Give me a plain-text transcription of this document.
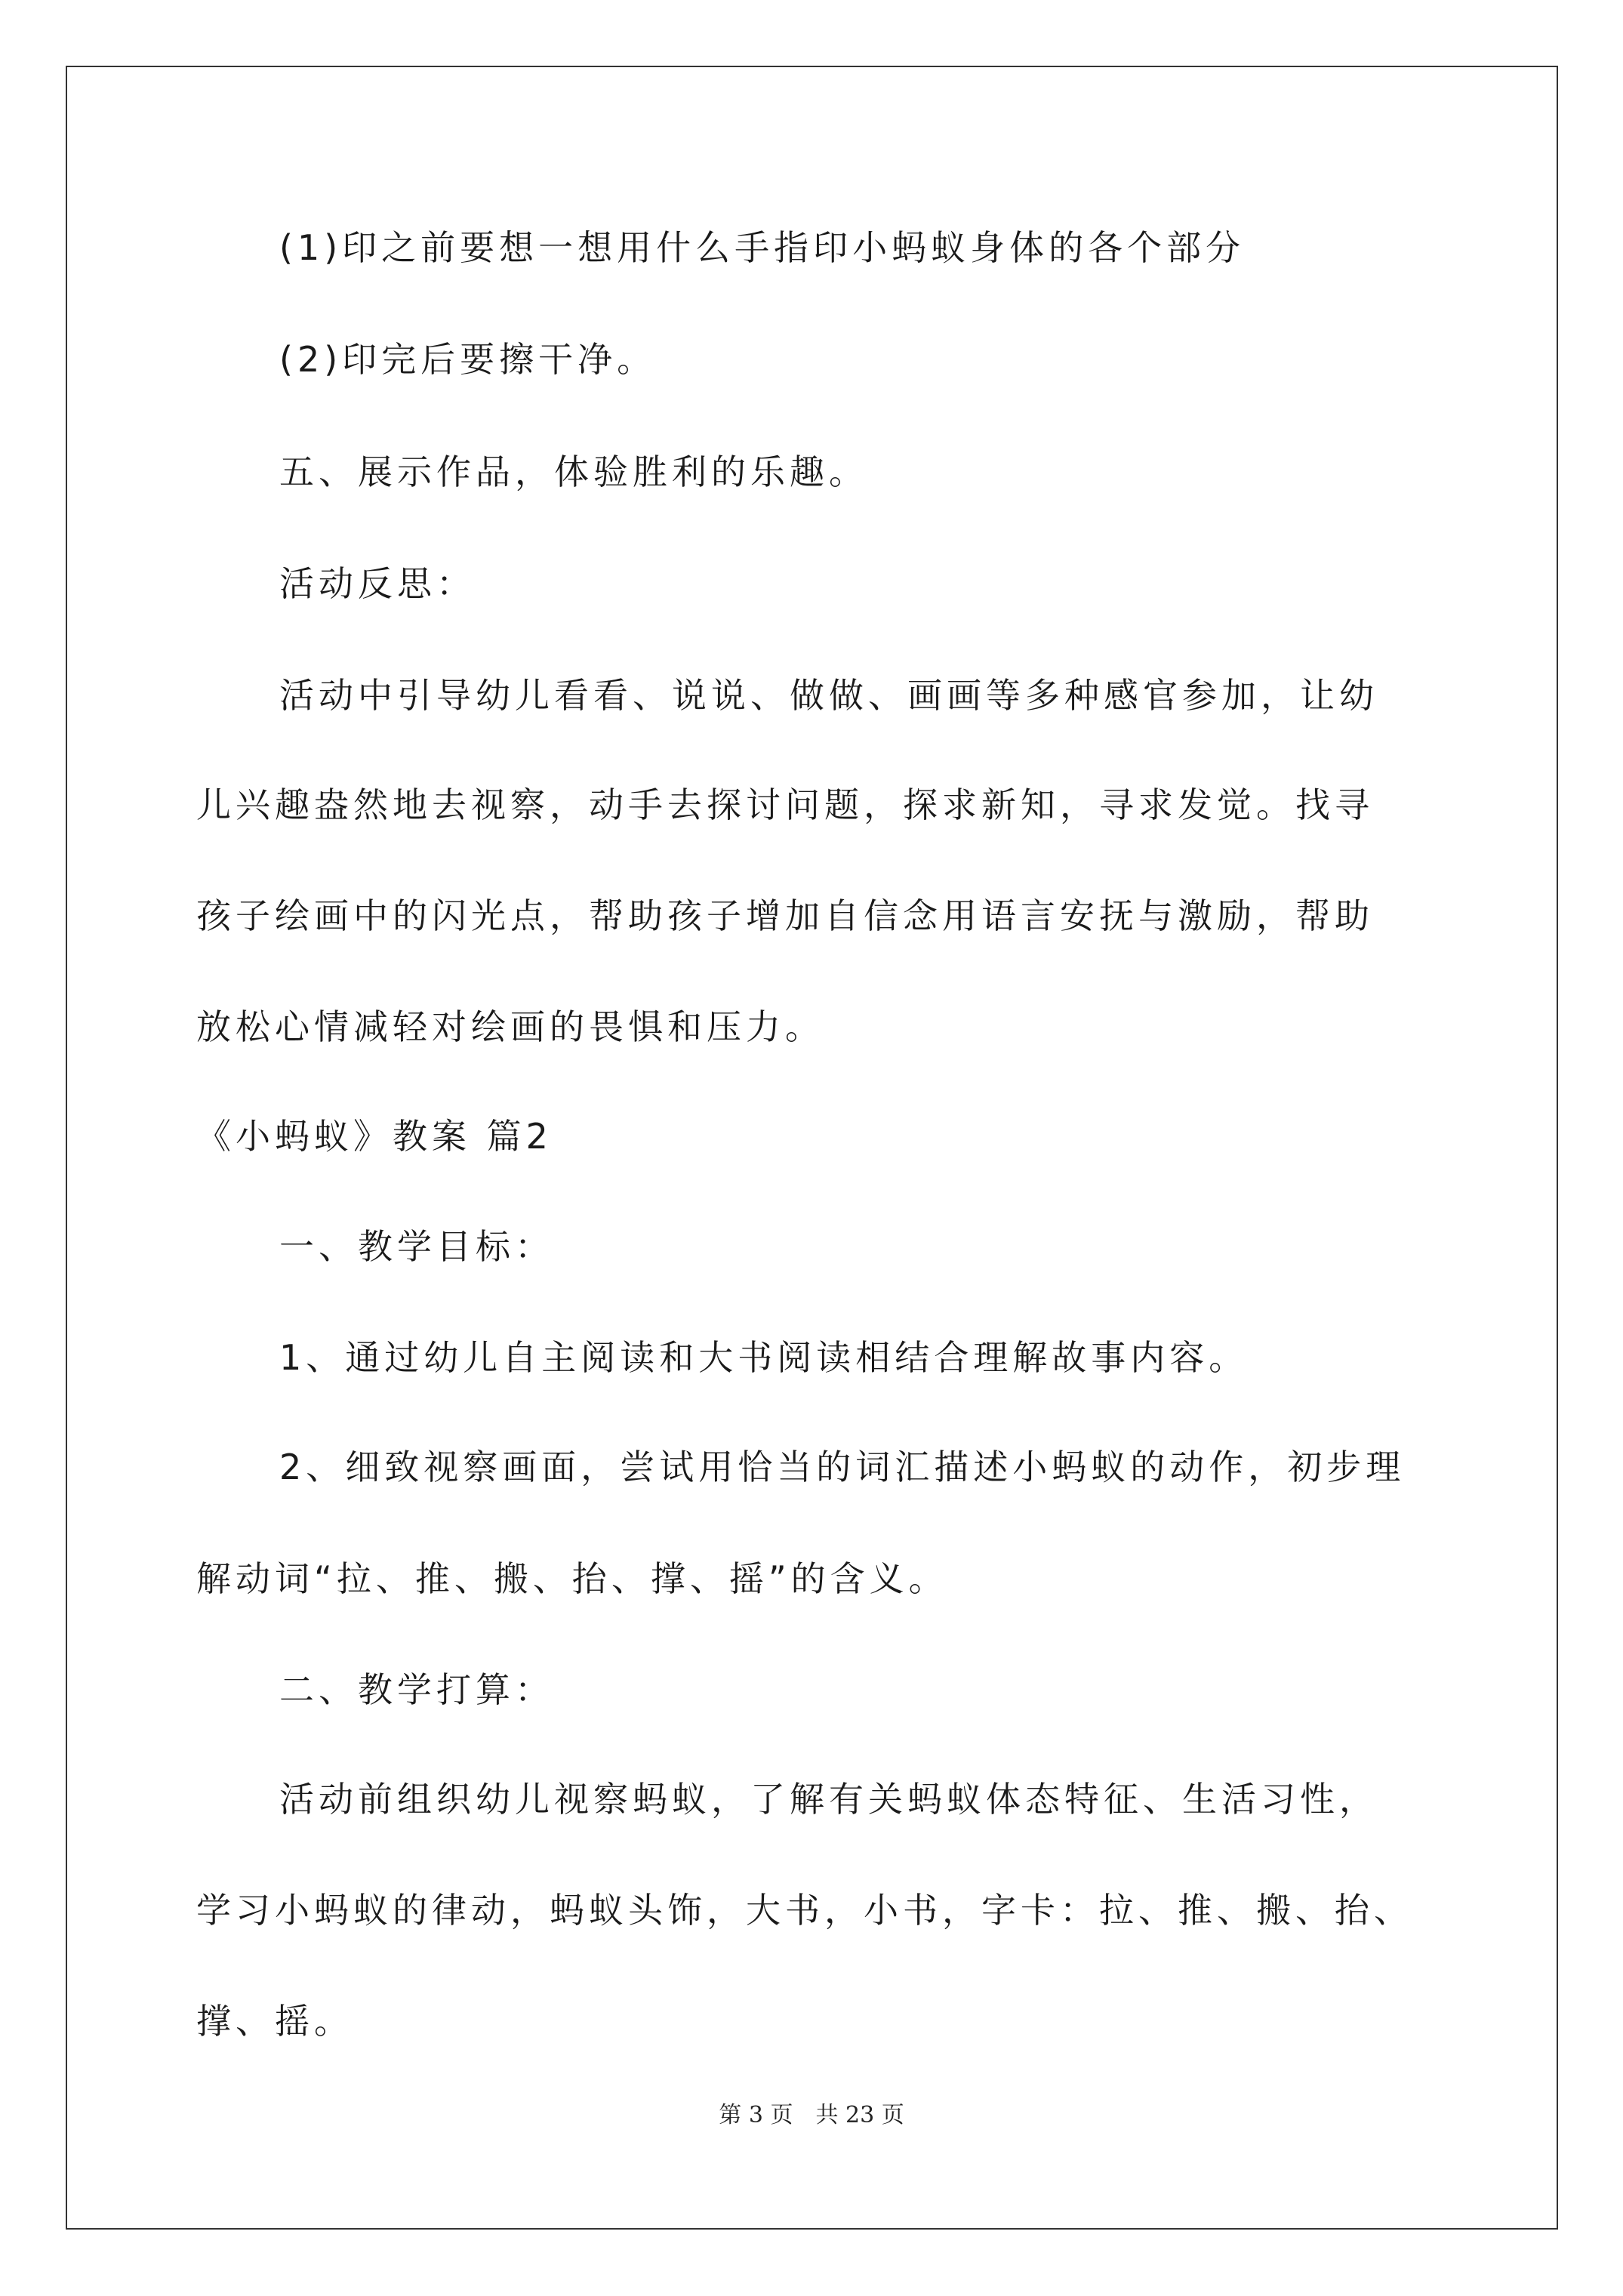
(1)印之前要想一想用什么手指印小蚂蚁身体的各个部分
(2)印完后要擦干净。
五、展示作品，体验胜利的乐趣。
活动反思：
活动中引导幼儿看看、说说、做做、画画等多种感官参加，让幼
儿兴趣盎然地去视察，动手去探讨问题，探求新知，寻求发觉。找寻
孩子绘画中的闪光点，帮助孩子增加自信念用语言安抚与激励，帮助
放松心情减轻对绘画的畏惧和压力。
《小蚂蚁》教案 篇2
一、教学目标：
1、通过幼儿自主阅读和大书阅读相结合理解故事内容。
2、细致视察画面，尝试用恰当的词汇描述小蚂蚁的动作，初步理
解动词“拉、推、搬、抬、撑、摇”的含义。
二、教学打算：
活动前组织幼儿视察蚂蚁，了解有关蚂蚁体态特征、生活习性，
学习小蚂蚁的律动，蚂蚁头饰，大书，小书，字卡：拉、推、搬、抬、
撑、摇。
第 3 页 共 23 页
